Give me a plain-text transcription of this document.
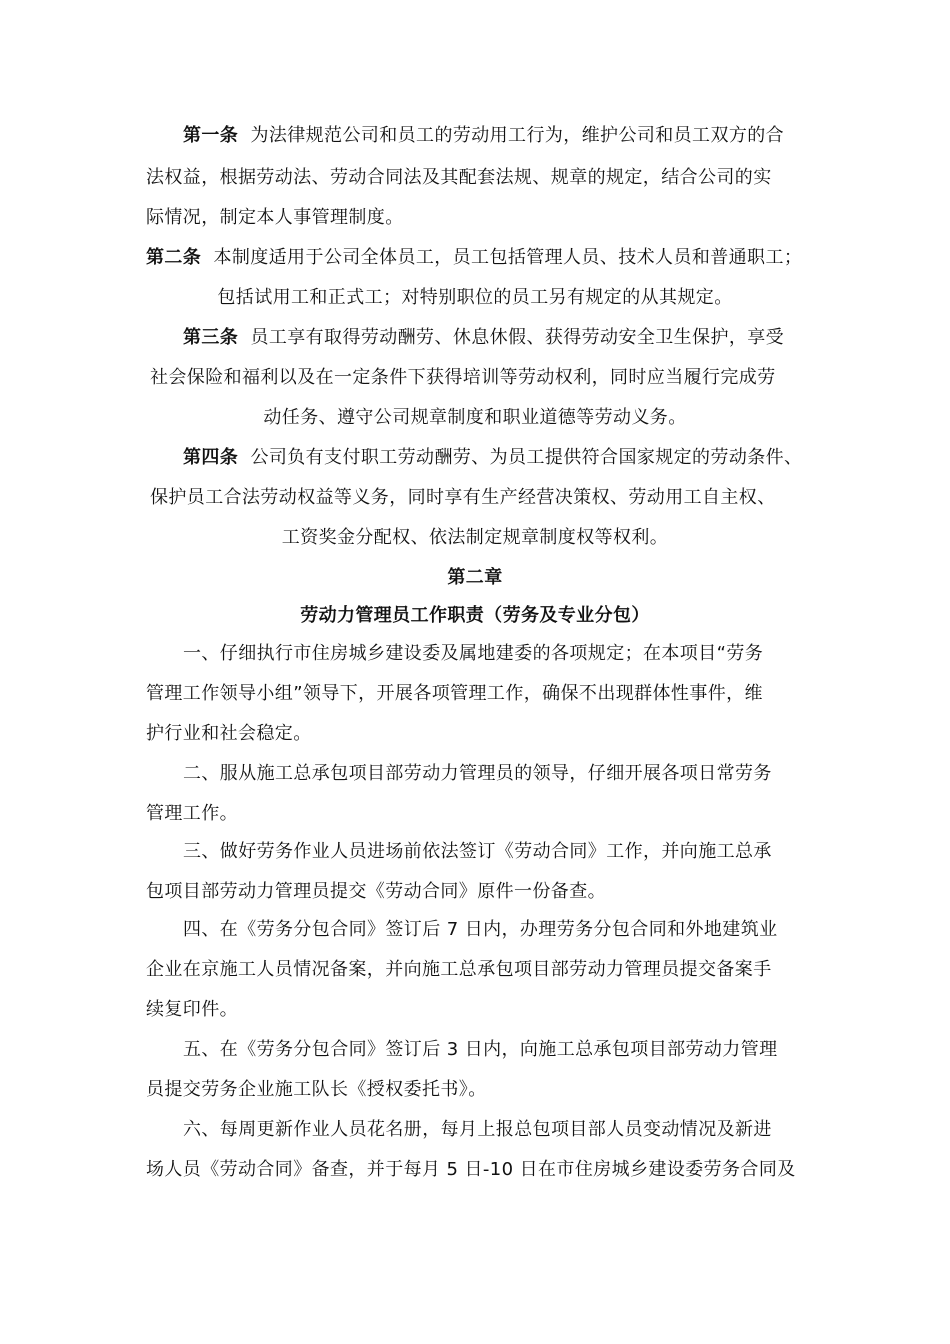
第一条 为法律规范公司和员工的劳动用工行为，维护公司和员工双方的合
法权益，根据劳动法、劳动合同法及其配套法规、规章的规定，结合公司的实
际情况，制定本人事管理制度。
第二条 本制度适用于公司全体员工，员工包括管理人员、技术人员和普通职工；
包括试用工和正式工；对特别职位的员工另有规定的从其规定。
第三条 员工享有取得劳动酬劳、休息休假、获得劳动安全卫生保护，享受
社会保险和福利以及在一定条件下获得培训等劳动权利，同时应当履行完成劳
动任务、遵守公司规章制度和职业道德等劳动义务。
第四条 公司负有支付职工劳动酬劳、为员工提供符合国家规定的劳动条件、
保护员工合法劳动权益等义务，同时享有生产经营决策权、劳动用工自主权、
工资奖金分配权、依法制定规章制度权等权利。
第二章
劳动力管理员工作职责（劳务及专业分包）
一、仔细执行市住房城乡建设委及属地建委的各项规定；在本项目“劳务
管理工作领导小组”领导下，开展各项管理工作，确保不出现群体性事件，维
护行业和社会稳定。
二、服从施工总承包项目部劳动力管理员的领导，仔细开展各项日常劳务
管理工作。
三、做好劳务作业人员进场前依法签订《劳动合同》工作，并向施工总承
包项目部劳动力管理员提交《劳动合同》原件一份备查。
四、在《劳务分包合同》签订后 7 日内，办理劳务分包合同和外地建筑业
企业在京施工人员情况备案，并向施工总承包项目部劳动力管理员提交备案手
续复印件。
五、在《劳务分包合同》签订后 3 日内，向施工总承包项目部劳动力管理
员提交劳务企业施工队长《授权委托书》。
六、每周更新作业人员花名册，每月上报总包项目部人员变动情况及新进
场人员《劳动合同》备查，并于每月 5 日-10 日在市住房城乡建设委劳务合同及
